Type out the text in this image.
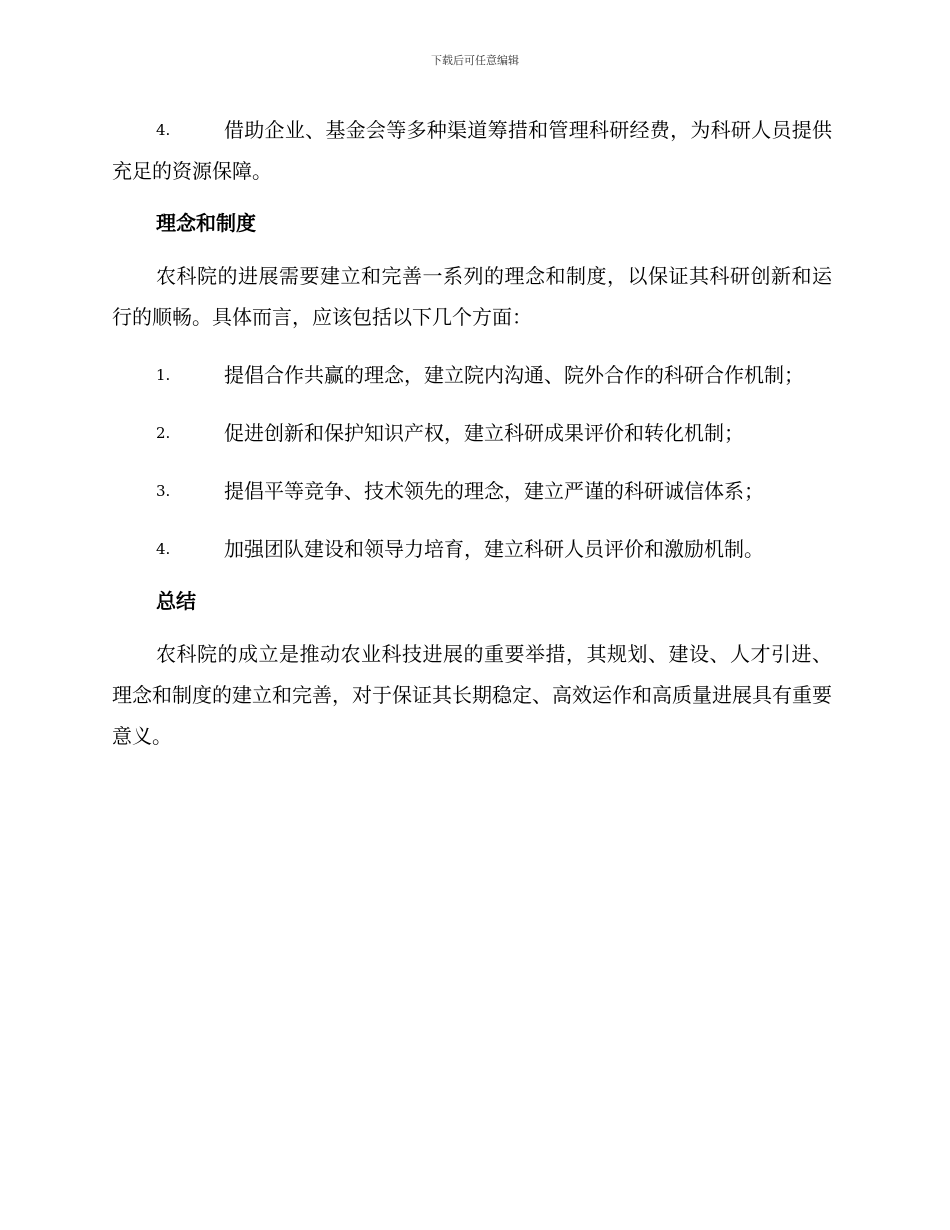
下载后可任意编辑
4.	借助企业、基金会等多种渠道筹措和管理科研经费，为科研人员提供充足的资源保障。
理念和制度
农科院的进展需要建立和完善一系列的理念和制度，以保证其科研创新和运行的顺畅。具体而言，应该包括以下几个方面：
1.	提倡合作共赢的理念，建立院内沟通、院外合作的科研合作机制；
2.	促进创新和保护知识产权，建立科研成果评价和转化机制；
3.	提倡平等竞争、技术领先的理念，建立严谨的科研诚信体系；
4.	加强团队建设和领导力培育，建立科研人员评价和激励机制。
总结
农科院的成立是推动农业科技进展的重要举措，其规划、建设、人才引进、理念和制度的建立和完善，对于保证其长期稳定、高效运作和高质量进展具有重要意义。
